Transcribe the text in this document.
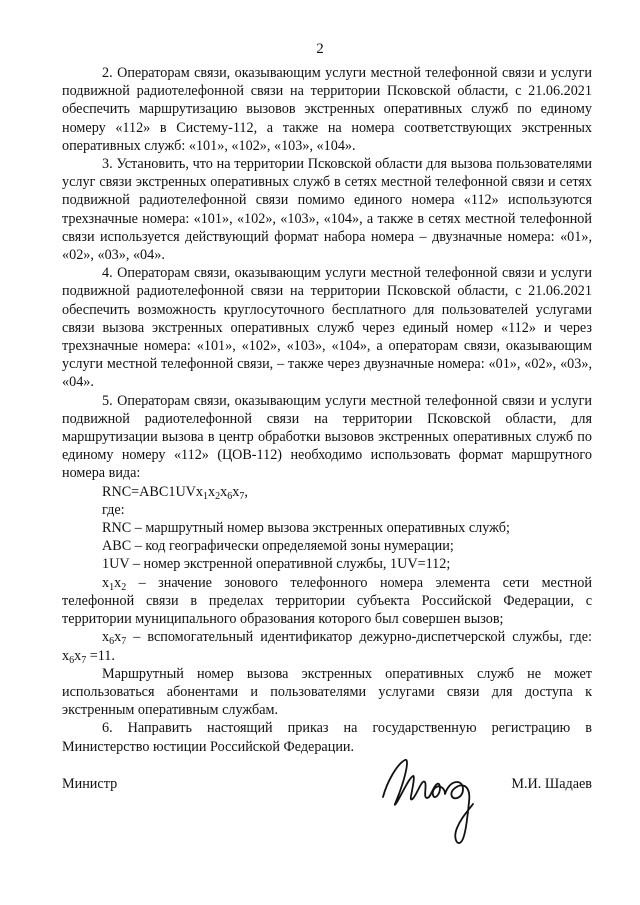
2

2. Операторам связи, оказывающим услуги местной телефонной связи и услуги подвижной радиотелефонной связи на территории Псковской области, с 21.06.2021 обеспечить маршрутизацию вызовов экстренных оперативных служб по единому номеру «112» в Систему-112, а также на номера соответствующих экстренных оперативных служб: «101», «102», «103», «104».

3. Установить, что на территории Псковской области для вызова пользователями услуг связи экстренных оперативных служб в сетях местной телефонной связи и сетях подвижной радиотелефонной связи помимо единого номера «112» используются трехзначные номера: «101», «102», «103», «104», а также в сетях местной телефонной связи используется действующий формат набора номера – двузначные номера: «01», «02», «03», «04».

4. Операторам связи, оказывающим услуги местной телефонной связи и услуги подвижной радиотелефонной связи на территории Псковской области, с 21.06.2021 обеспечить возможность круглосуточного бесплатного для пользователей услугами связи вызова экстренных оперативных служб через единый номер «112» и через трехзначные номера: «101», «102», «103», «104», а операторам связи, оказывающим услуги местной телефонной связи, – также через двузначные номера: «01», «02», «03», «04».

5. Операторам связи, оказывающим услуги местной телефонной связи и услуги подвижной радиотелефонной связи на территории Псковской области, для маршрутизации вызова в центр обработки вызовов экстренных оперативных служб по единому номеру «112» (ЦОВ-112) необходимо использовать формат маршрутного номера вида:

$RNC=ABC1UVx_1x_2x_6x_7$,

где:

RNC – маршрутный номер вызова экстренных оперативных служб;

ABC – код географически определяемой зоны нумерации;

1UV – номер экстренной оперативной службы, 1UV=112;

$x_1x_2$ – значение зонового телефонного номера элемента сети местной телефонной связи в пределах территории субъекта Российской Федерации, с территории муниципального образования которого был совершен вызов;

$x_6x_7$ – вспомогательный идентификатор дежурно-диспетчерской службы, где: $x_6x_7 =11$.

Маршрутный номер вызова экстренных оперативных служб не может использоваться абонентами и пользователями услугами связи для доступа к экстренным оперативным службам.

6. Направить настоящий приказ на государственную регистрацию в Министерство юстиции Российской Федерации.

Министр	М.И. Шадаев
